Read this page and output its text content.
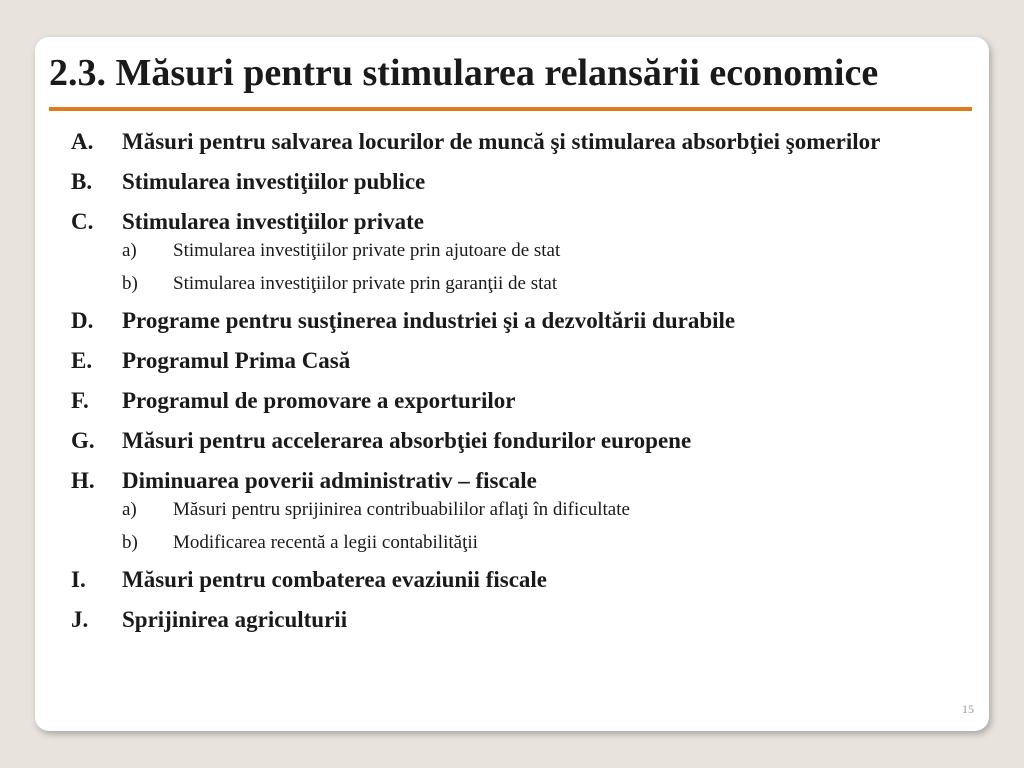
2.3. Măsuri pentru stimularea relansării economice
A.	Măsuri pentru salvarea locurilor de muncă şi stimularea absorbţiei şomerilor
B.	Stimularea investiţiilor publice
C.	Stimularea investiţiilor private
a)	Stimularea investiţiilor private prin ajutoare de stat
b)	Stimularea investiţiilor private prin garanţii de stat
D.	Programe pentru susţinerea industriei şi a dezvoltării durabile
E.	Programul Prima Casă
F.	Programul de promovare a exporturilor
G.	Măsuri pentru accelerarea absorbţiei fondurilor europene
H.	Diminuarea poverii administrativ – fiscale
a)	Măsuri pentru sprijinirea contribuabililor aflaţi în dificultate
b)	Modificarea recentă a legii contabilităţii
I.	Măsuri pentru combaterea evaziunii fiscale
J.	Sprijinirea agriculturii
15
